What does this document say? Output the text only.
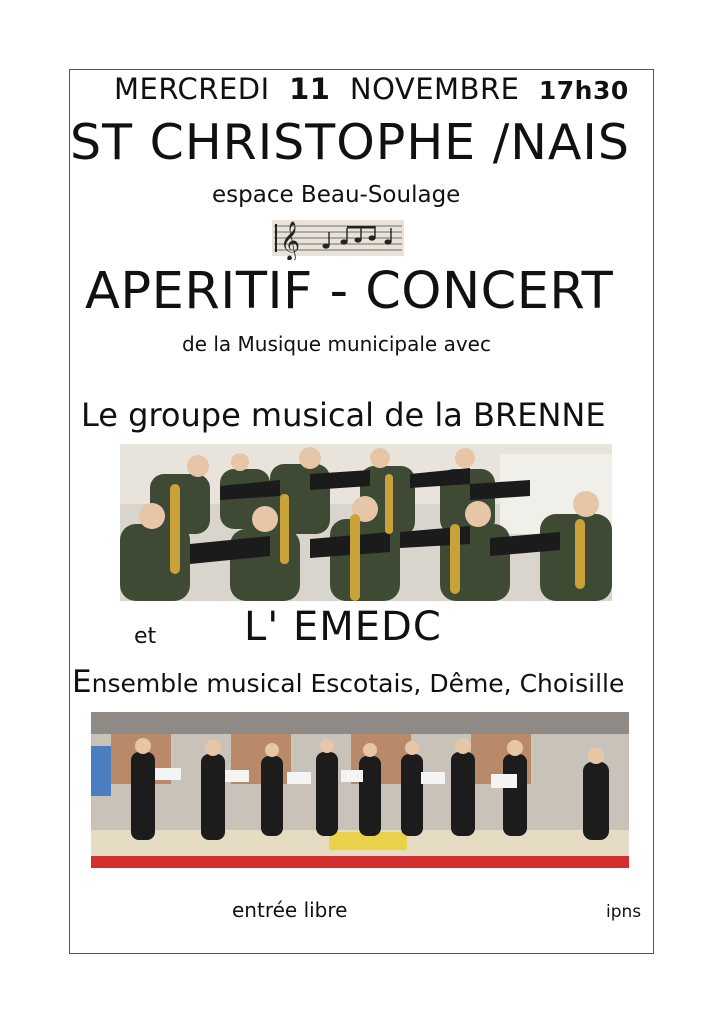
MERCREDI 11 NOVEMBRE 17h30
ST CHRISTOPHE /NAIS
espace Beau-Soulage
𝄞
APERITIF - CONCERT
de la Musique municipale avec
Le groupe musical de la BRENNE
et L' EMEDC
Ensemble musical Escotais, Dême, Choisille
entrée libre	ipns
